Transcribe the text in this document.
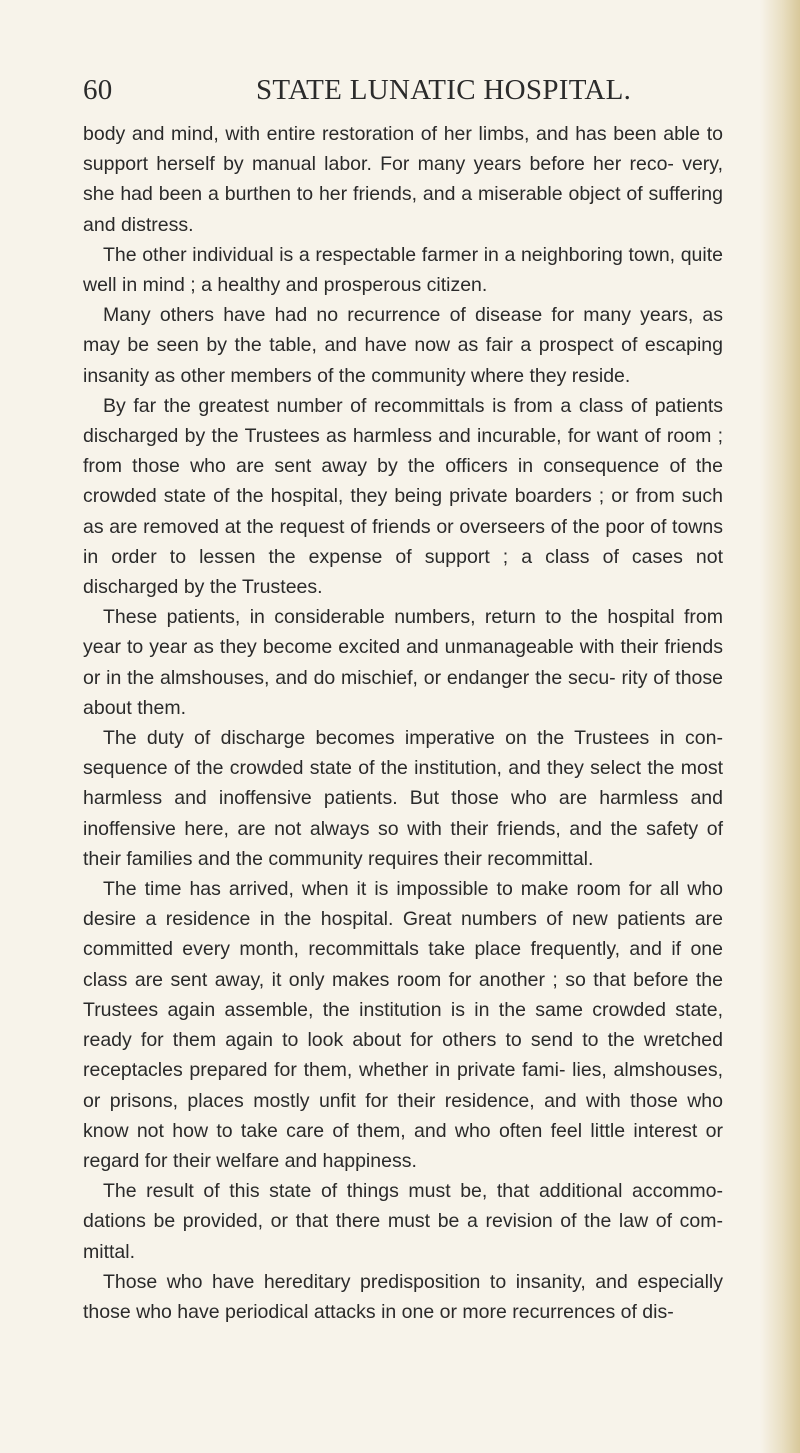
60	STATE LUNATIC HOSPITAL.

body and mind, with entire restoration of her limbs, and has been able to support herself by manual labor. For many years before her reco- very, she had been a burthen to her friends, and a miserable object of suffering and distress.

The other individual is a respectable farmer in a neighboring town, quite well in mind ; a healthy and prosperous citizen.

Many others have had no recurrence of disease for many years, as may be seen by the table, and have now as fair a prospect of escaping insanity as other members of the community where they reside.

By far the greatest number of recommittals is from a class of patients discharged by the Trustees as harmless and incurable, for want of room ; from those who are sent away by the officers in consequence of the crowded state of the hospital, they being private boarders ; or from such as are removed at the request of friends or overseers of the poor of towns in order to lessen the expense of support ; a class of cases not discharged by the Trustees.

These patients, in considerable numbers, return to the hospital from year to year as they become excited and unmanageable with their friends or in the almshouses, and do mischief, or endanger the secu- rity of those about them.

The duty of discharge becomes imperative on the Trustees in con- sequence of the crowded state of the institution, and they select the most harmless and inoffensive patients. But those who are harmless and inoffensive here, are not always so with their friends, and the safety of their families and the community requires their recommittal.

The time has arrived, when it is impossible to make room for all who desire a residence in the hospital. Great numbers of new patients are committed every month, recommittals take place frequently, and if one class are sent away, it only makes room for another ; so that before the Trustees again assemble, the institution is in the same crowded state, ready for them again to look about for others to send to the wretched receptacles prepared for them, whether in private fami- lies, almshouses, or prisons, places mostly unfit for their residence, and with those who know not how to take care of them, and who often feel little interest or regard for their welfare and happiness.

The result of this state of things must be, that additional accommo- dations be provided, or that there must be a revision of the law of com- mittal.

Those who have hereditary predisposition to insanity, and especially those who have periodical attacks in one or more recurrences of dis-
